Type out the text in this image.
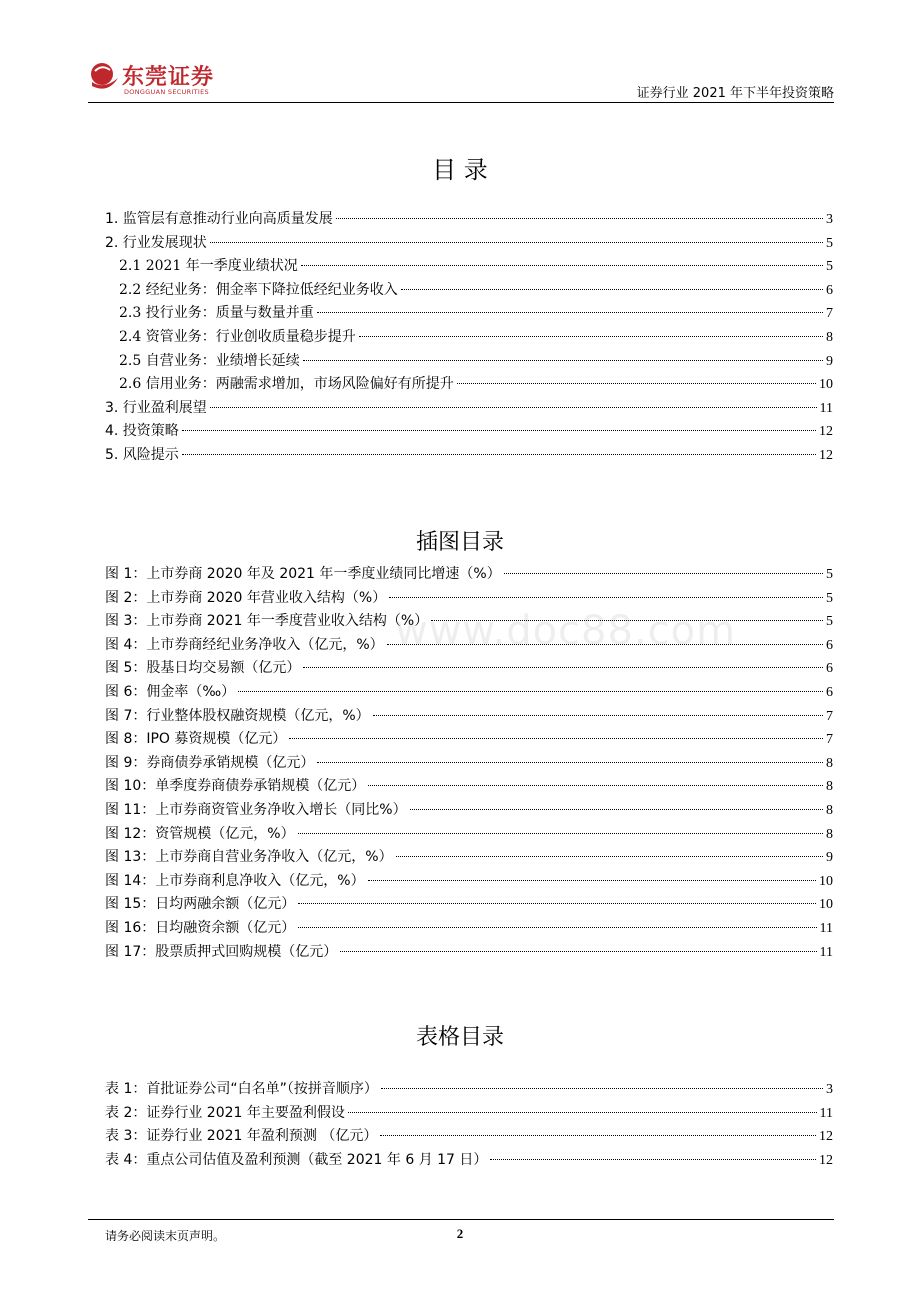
东莞证券
DONGGUAN SECURITIES	证券行业 2021 年下半年投资策略
目 录
1. 监管层有意推动行业向高质量发展	3
2. 行业发展现状	5
2.1 2021 年一季度业绩状况	5
2.2 经纪业务：佣金率下降拉低经纪业务收入	6
2.3 投行业务：质量与数量并重	7
2.4 资管业务：行业创收质量稳步提升	8
2.5 自营业务：业绩增长延续	9
2.6 信用业务：两融需求增加，市场风险偏好有所提升	10
3. 行业盈利展望	11
4. 投资策略	12
5. 风险提示	12
插图目录
图 1：上市券商 2020 年及 2021 年一季度业绩同比增速（%）	5
图 2：上市券商 2020 年营业收入结构（%）	5
图 3：上市券商 2021 年一季度营业收入结构（%）	5
图 4：上市券商经纪业务净收入（亿元，%）	6
图 5：股基日均交易额（亿元）	6
图 6：佣金率（‰）	6
图 7：行业整体股权融资规模（亿元，%）	7
图 8：IPO 募资规模（亿元）	7
图 9：券商债券承销规模（亿元）	8
图 10：单季度券商债券承销规模（亿元）	8
图 11：上市券商资管业务净收入增长（同比%）	8
图 12：资管规模（亿元，%）	8
图 13：上市券商自营业务净收入（亿元，%）	9
图 14：上市券商利息净收入（亿元，%）	10
图 15：日均两融余额（亿元）	10
图 16：日均融资余额（亿元）	11
图 17：股票质押式回购规模（亿元）	11
www.doc88.com
表格目录
表 1：首批证券公司“白名单”（按拼音顺序）	3
表 2：证券行业 2021 年主要盈利假设	11
表 3：证券行业 2021 年盈利预测 （亿元）	12
表 4：重点公司估值及盈利预测（截至 2021 年 6 月 17 日）	12
请务必阅读末页声明。	2
